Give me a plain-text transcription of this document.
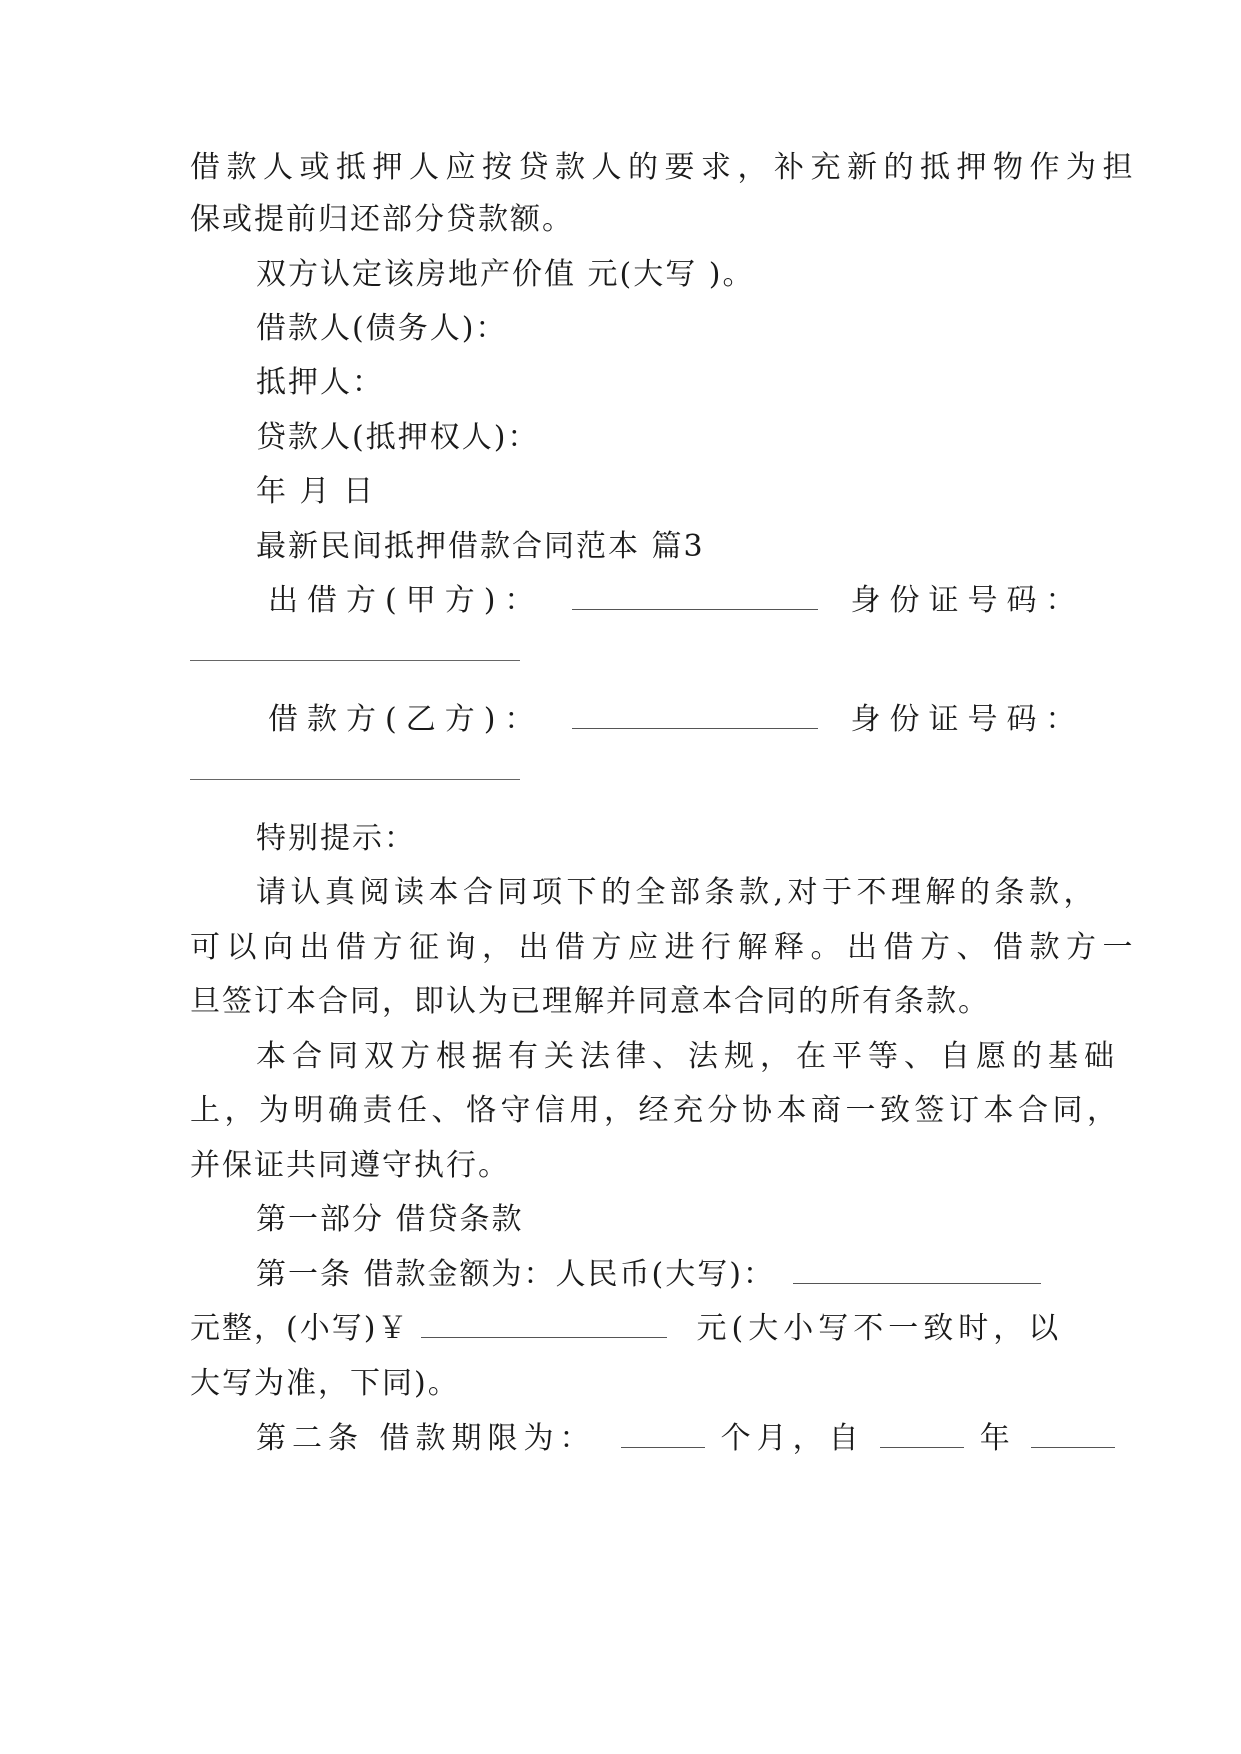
借款人或抵押人应按贷款人的要求，补充新的抵押物作为担
保或提前归还部分贷款额。
双方认定该房地产价值 元(大写 )。
借款人(债务人)：
抵押人：
贷款人(抵押权人)：
年 月 日
最新民间抵押借款合同范本 篇3
出借方(甲方)：	身份证号码：
借款方(乙方)：	身份证号码：
特别提示：
请认真阅读本合同项下的全部条款,对于不理解的条款，
可以向出借方征询，出借方应进行解释。出借方、借款方一
旦签订本合同，即认为已理解并同意本合同的所有条款。
本合同双方根据有关法律、法规，在平等、自愿的基础
上，为明确责任、恪守信用，经充分协本商一致签订本合同，
并保证共同遵守执行。
第一部分 借贷条款
第一条 借款金额为：人民币(大写)：
元整，(小写)￥	元(大小写不一致时，以
大写为准，下同)。
第二条 借款期限为：	个月，自	年
